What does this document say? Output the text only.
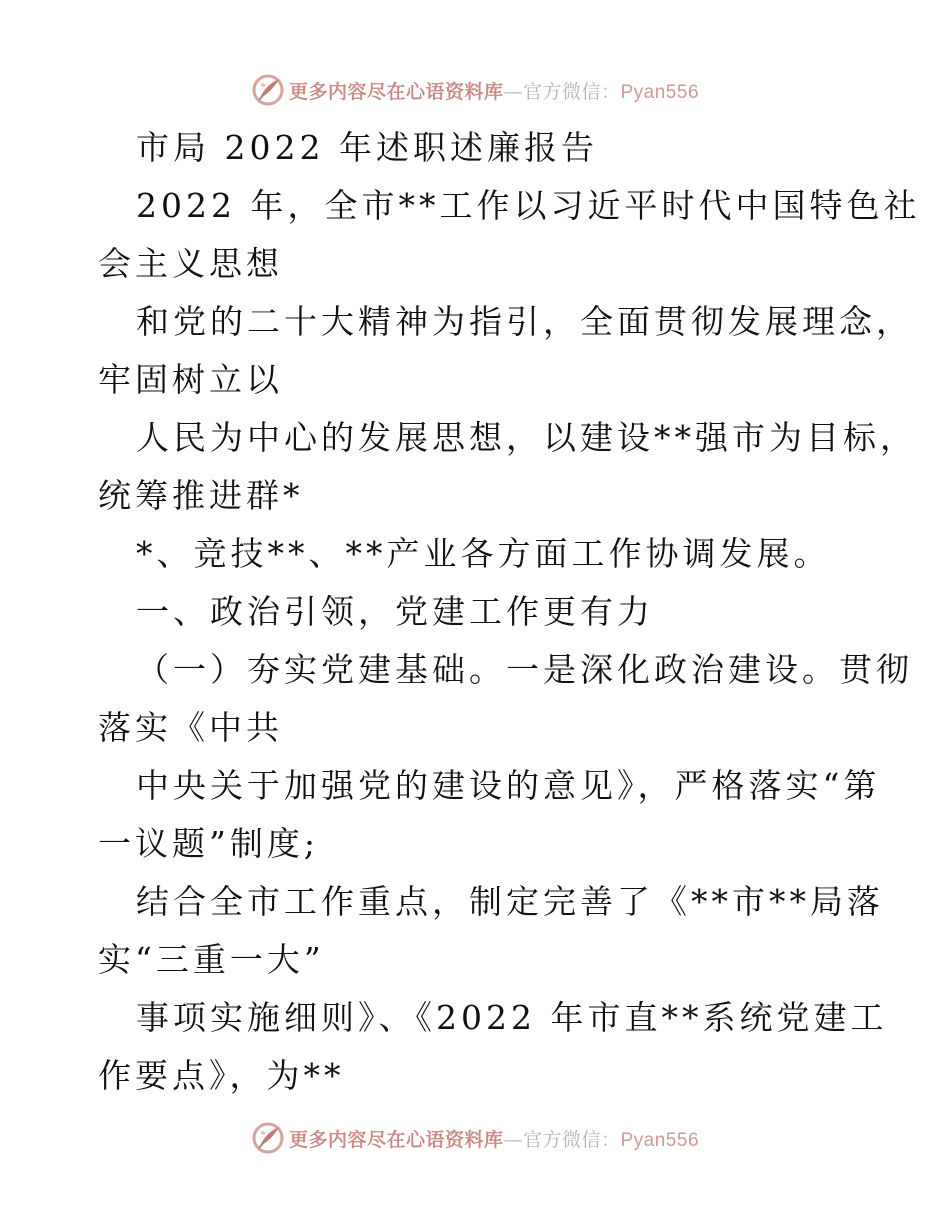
更多内容尽在心语资料库—官方微信：Pyan556
市局 2022 年述职述廉报告
2022 年，全市**工作以习近平时代中国特色社
会主义思想
和党的二十大精神为指引，全面贯彻发展理念，
牢固树立以
人民为中心的发展思想，以建设**强市为目标，
统筹推进群*
*、竞技**、**产业各方面工作协调发展。
一、政治引领，党建工作更有力
（一）夯实党建基础。一是深化政治建设。贯彻
落实《中共
中央关于加强党的建设的意见》，严格落实“第
一议题”制度;
结合全市工作重点，制定完善了《**市**局落
实“三重一大”
事项实施细则》、《2022 年市直**系统党建工
作要点》，为**
更多内容尽在心语资料库—官方微信：Pyan556
